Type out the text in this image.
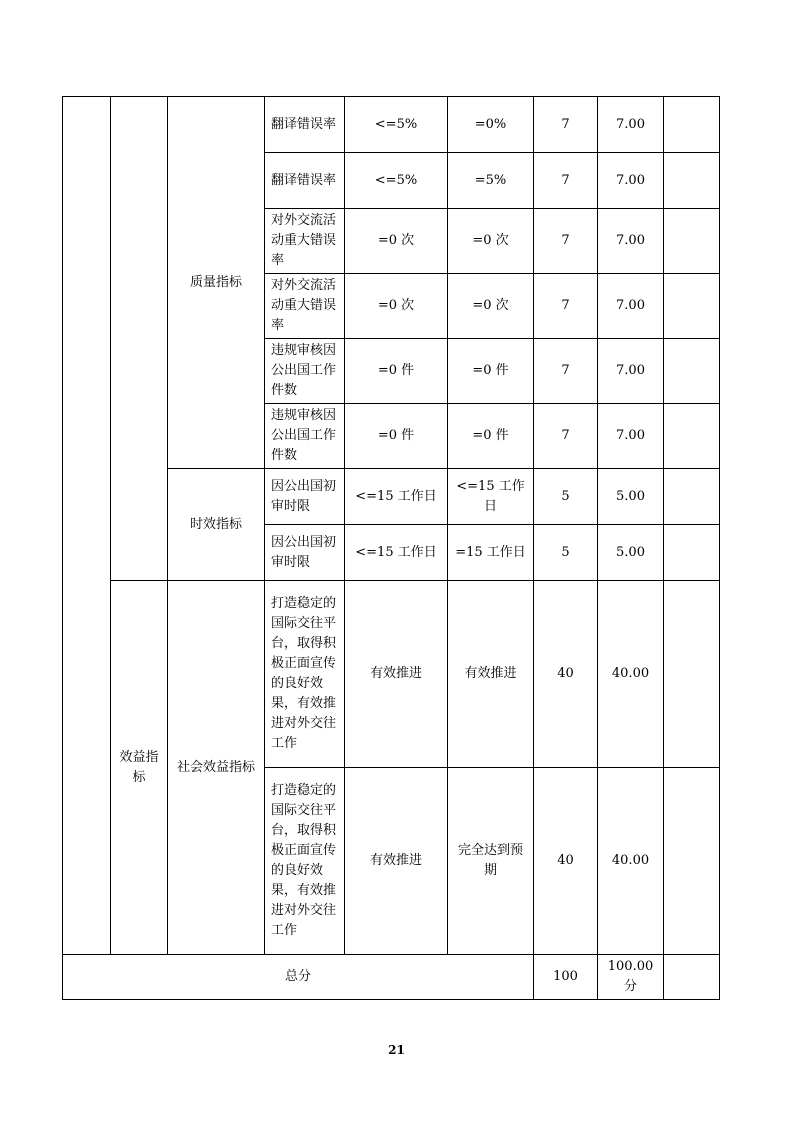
		质量指标	翻译错误率	<=5%	=0%	7	7.00	
			翻译错误率	<=5%	=5%	7	7.00	
			对外交流活动重大错误率	=0 次	=0 次	7	7.00	
			对外交流活动重大错误率	=0 次	=0 次	7	7.00	
			违规审核因公出国工作件数	=0 件	=0 件	7	7.00	
			违规审核因公出国工作件数	=0 件	=0 件	7	7.00	
		时效指标	因公出国初审时限	<=15 工作日	<=15 工作日	5	5.00	
			因公出国初审时限	<=15 工作日	=15 工作日	5	5.00	
	效益指标	社会效益指标	打造稳定的国际交往平台，取得积极正面宣传的良好效果，有效推进对外交往工作	有效推进	有效推进	40	40.00	
			打造稳定的国际交往平台，取得积极正面宣传的良好效果，有效推进对外交往工作	有效推进	完全达到预期	40	40.00	
总分						100	100.00分	
21
